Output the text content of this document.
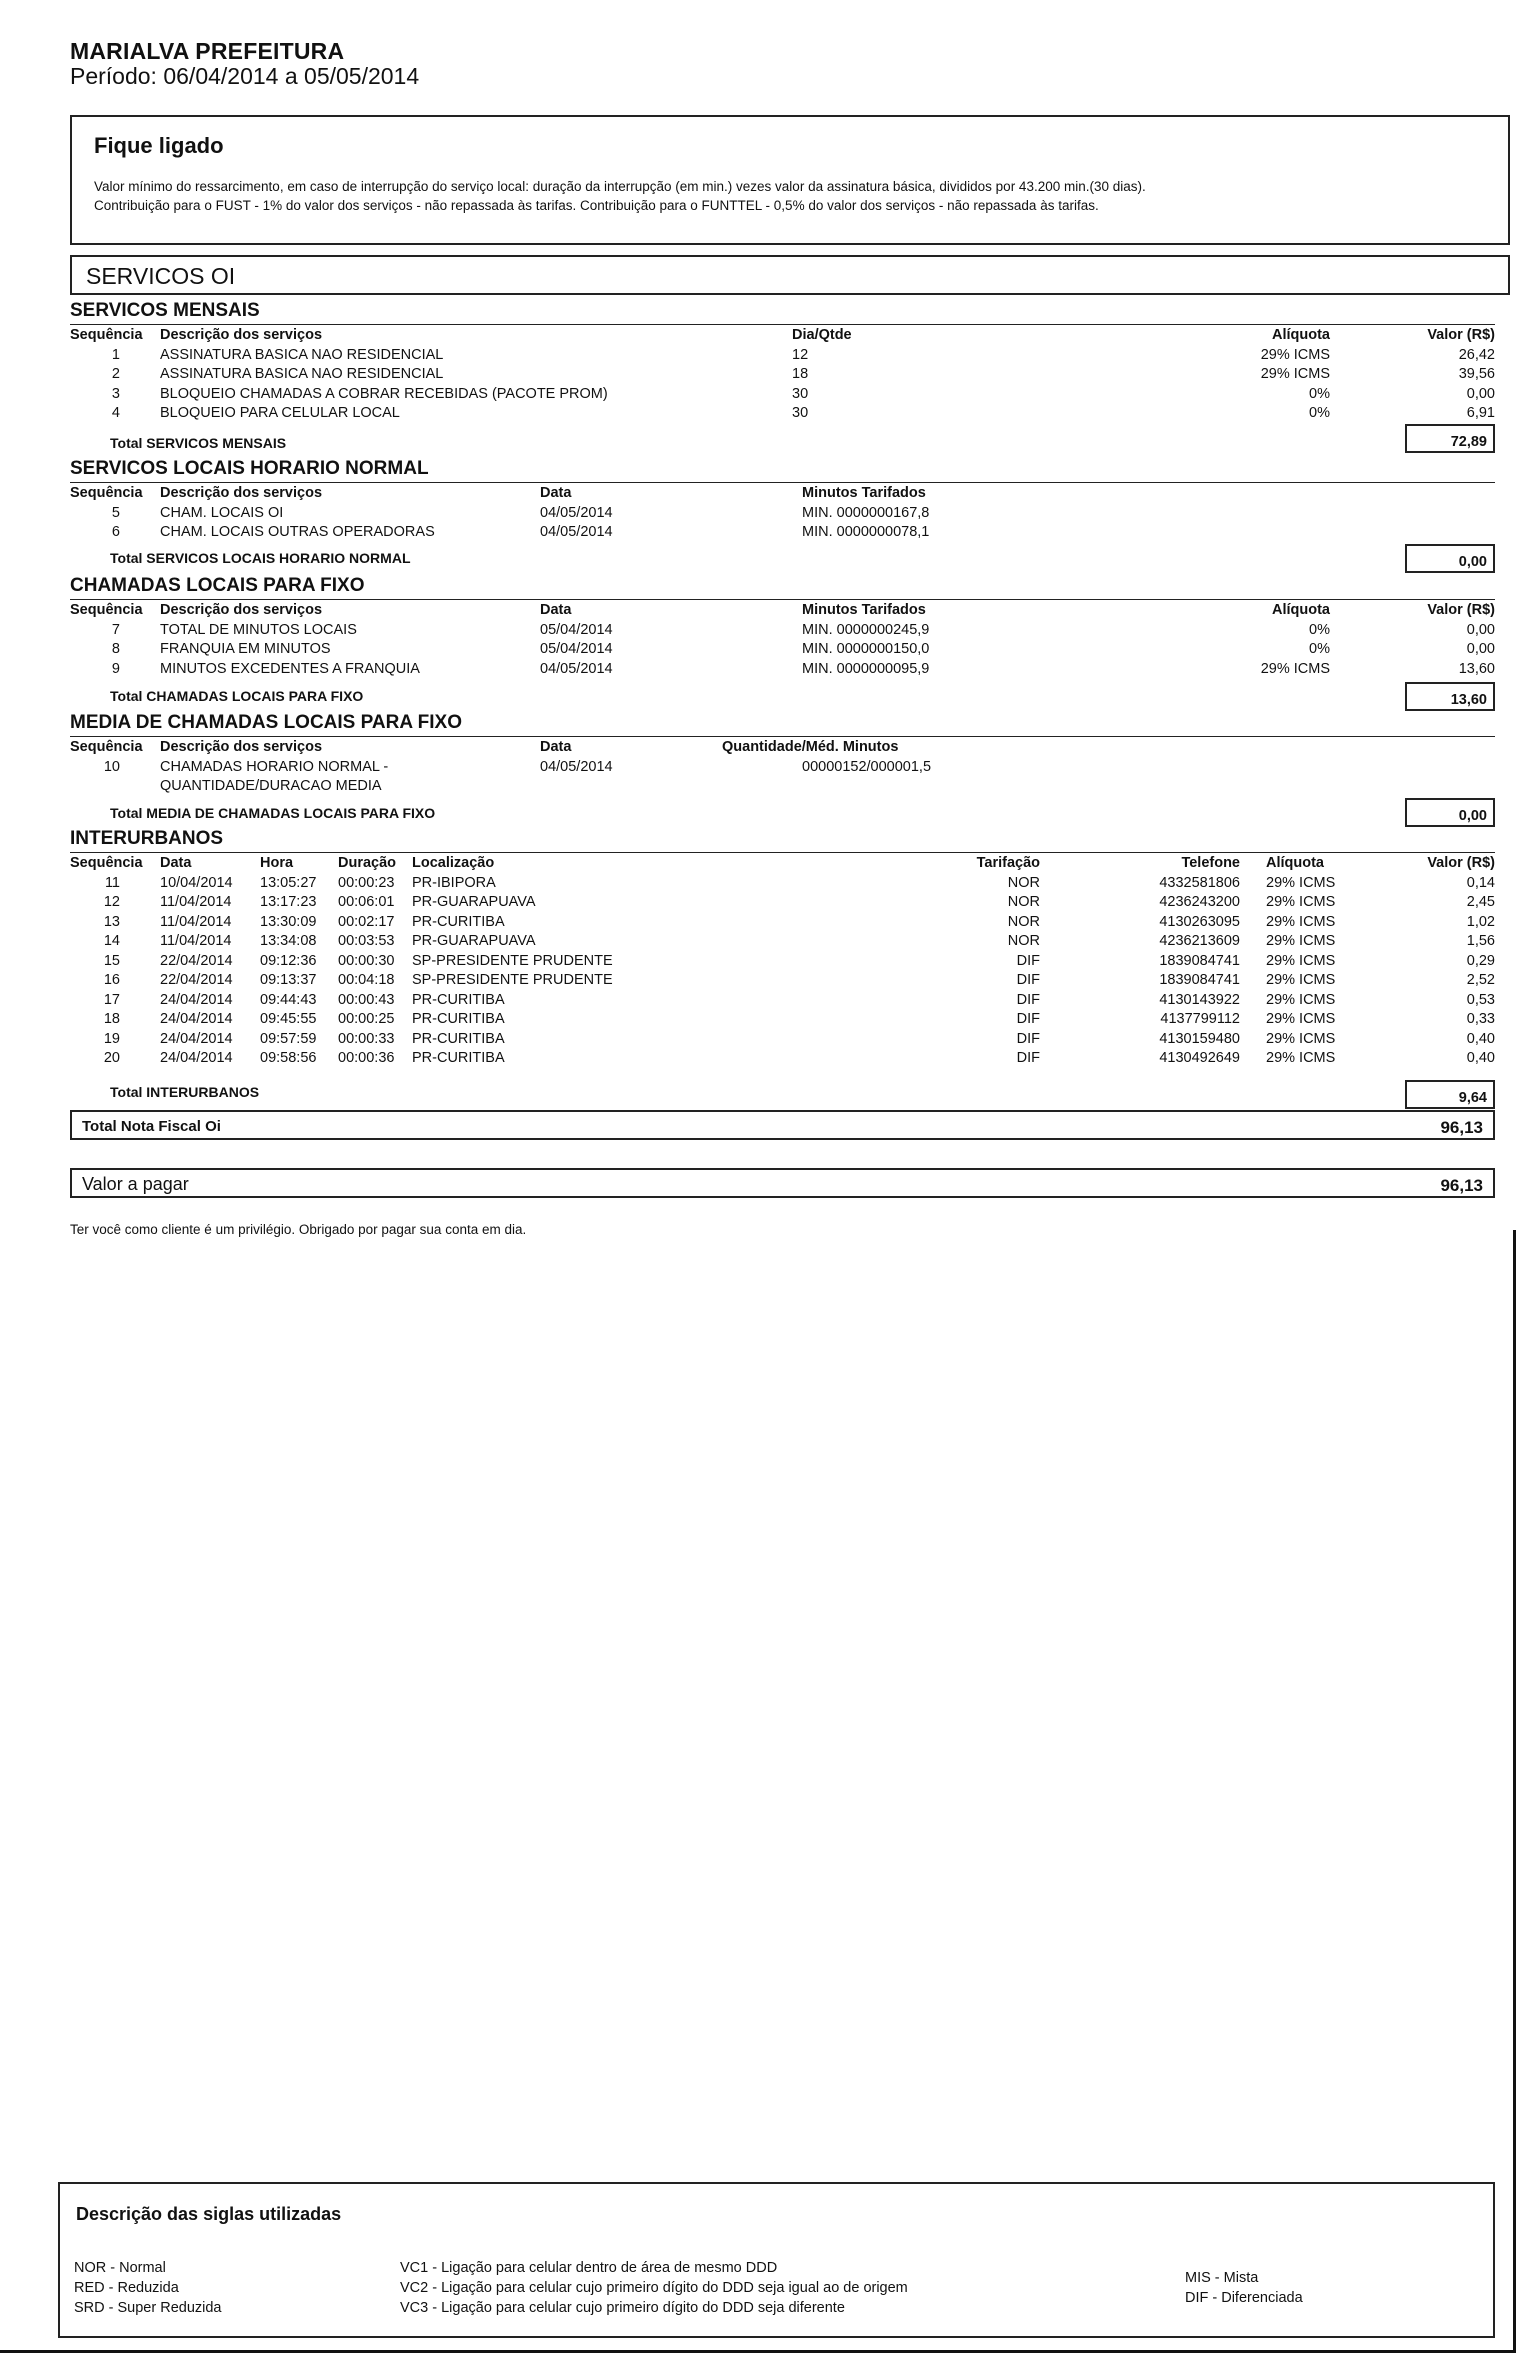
MARIALVA PREFEITURA
Período: 06/04/2014 a 05/05/2014
Fique ligado
Valor mínimo do ressarcimento, em caso de interrupção do serviço local: duração da interrupção (em min.) vezes valor da assinatura básica, divididos por 43.200 min.(30 dias).
Contribuição para o FUST - 1% do valor dos serviços - não repassada às tarifas. Contribuição para o FUNTTEL - 0,5% do valor dos serviços - não repassada às tarifas.
SERVICOS OI
SERVICOS MENSAIS
Sequência Descrição dos serviços	Dia/Qtde	Alíquota	Valor (R$)
1	ASSINATURA BASICA NAO RESIDENCIAL	12	29% ICMS	26,42
2	ASSINATURA BASICA NAO RESIDENCIAL	18	29% ICMS	39,56
3	BLOQUEIO CHAMADAS A COBRAR RECEBIDAS (PACOTE PROM)	30	0%	0,00
4	BLOQUEIO PARA CELULAR LOCAL	30	0%	6,91
Total SERVICOS MENSAIS	72,89
SERVICOS LOCAIS HORARIO NORMAL
Sequência Descrição dos serviços	Data	Minutos Tarifados
5	CHAM. LOCAIS OI	04/05/2014	MIN. 0000000167,8
6	CHAM. LOCAIS OUTRAS OPERADORAS	04/05/2014	MIN. 0000000078,1
Total SERVICOS LOCAIS HORARIO NORMAL	0,00
CHAMADAS LOCAIS PARA FIXO
Sequência Descrição dos serviços	Data	Minutos Tarifados	Alíquota	Valor (R$)
7	TOTAL DE MINUTOS LOCAIS	05/04/2014	MIN. 0000000245,9	0%	0,00
8	FRANQUIA EM MINUTOS	05/04/2014	MIN. 0000000150,0	0%	0,00
9	MINUTOS EXCEDENTES A FRANQUIA	04/05/2014	MIN. 0000000095,9	29% ICMS	13,60
Total CHAMADAS LOCAIS PARA FIXO	13,60
MEDIA DE CHAMADAS LOCAIS PARA FIXO
Sequência Descrição dos serviços	Data	Quantidade/Méd. Minutos
10	CHAMADAS HORARIO NORMAL -	04/05/2014	00000152/000001,5
QUANTIDADE/DURACAO MEDIA
Total MEDIA DE CHAMADAS LOCAIS PARA FIXO	0,00
INTERURBANOS
Sequência Data	Hora	Duração Localização	Tarifação	Telefone Alíquota	Valor (R$)
11	10/04/2014 13:05:27 00:00:23 PR-IBIPORA	NOR	4332581806 29% ICMS	0,14
12	11/04/2014 13:17:23 00:06:01 PR-GUARAPUAVA	NOR	4236243200 29% ICMS	2,45
13	11/04/2014 13:30:09 00:02:17 PR-CURITIBA	NOR	4130263095 29% ICMS	1,02
14	11/04/2014 13:34:08 00:03:53 PR-GUARAPUAVA	NOR	4236213609 29% ICMS	1,56
15	22/04/2014 09:12:36 00:00:30 SP-PRESIDENTE PRUDENTE	DIF	1839084741 29% ICMS	0,29
16	22/04/2014 09:13:37 00:04:18 SP-PRESIDENTE PRUDENTE	DIF	1839084741 29% ICMS	2,52
17	24/04/2014 09:44:43 00:00:43 PR-CURITIBA	DIF	4130143922 29% ICMS	0,53
18	24/04/2014 09:45:55 00:00:25 PR-CURITIBA	DIF	4137799112 29% ICMS	0,33
19	24/04/2014 09:57:59 00:00:33 PR-CURITIBA	DIF	4130159480 29% ICMS	0,40
20	24/04/2014 09:58:56 00:00:36 PR-CURITIBA	DIF	4130492649 29% ICMS	0,40
Total INTERURBANOS	9,64
Total Nota Fiscal Oi	96,13
Valor a pagar	96,13
Ter você como cliente é um privilégio. Obrigado por pagar sua conta em dia.
Descrição das siglas utilizadas
NOR - Normal
RED - Reduzida
SRD - Super Reduzida
VC1 - Ligação para celular dentro de área de mesmo DDD
VC2 - Ligação para celular cujo primeiro dígito do DDD seja igual ao de origem
VC3 - Ligação para celular cujo primeiro dígito do DDD seja diferente
MIS - Mista
DIF - Diferenciada
